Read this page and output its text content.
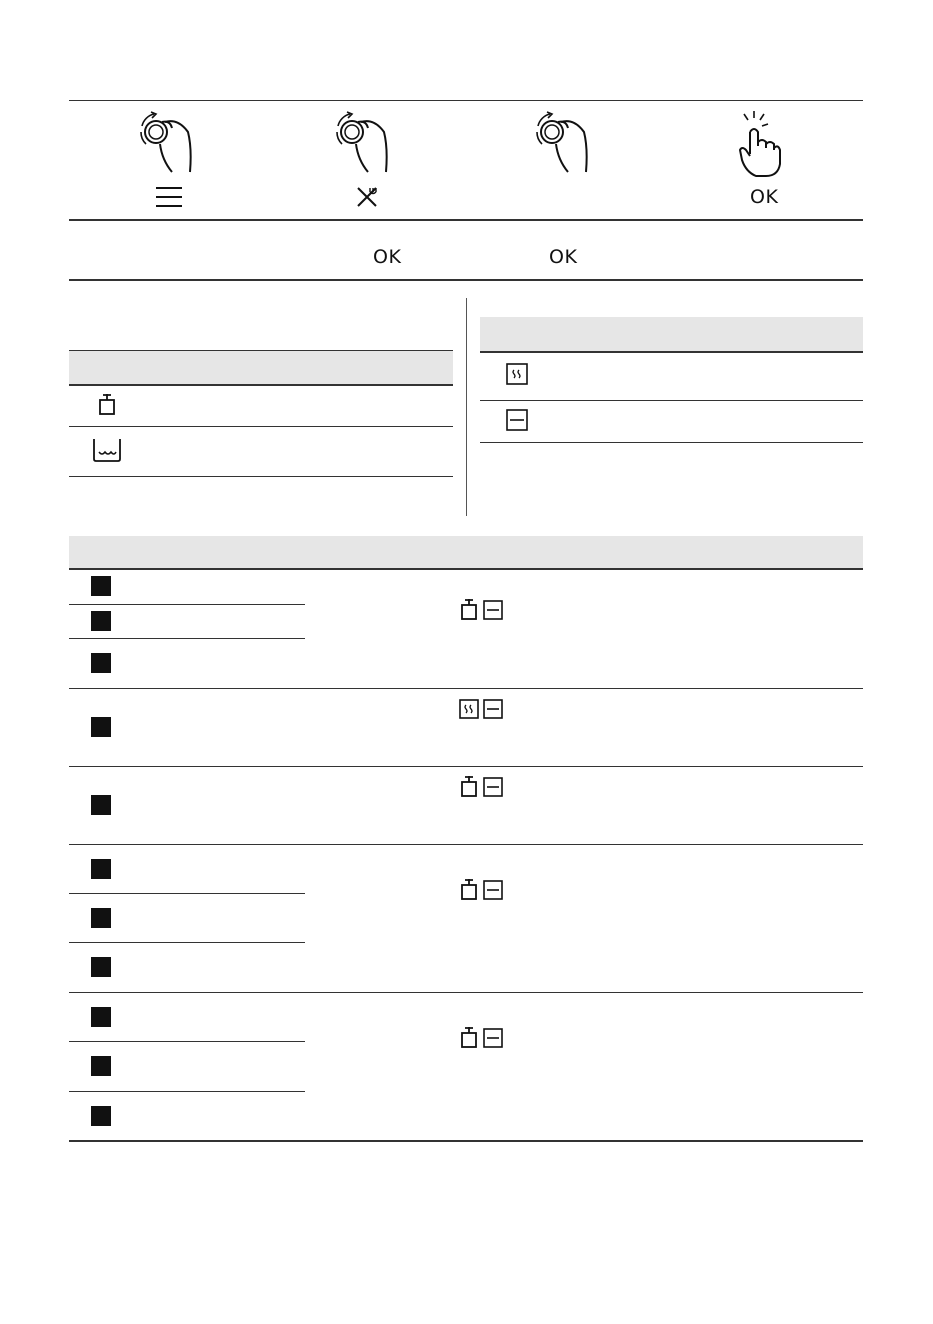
OK
OK	OK
